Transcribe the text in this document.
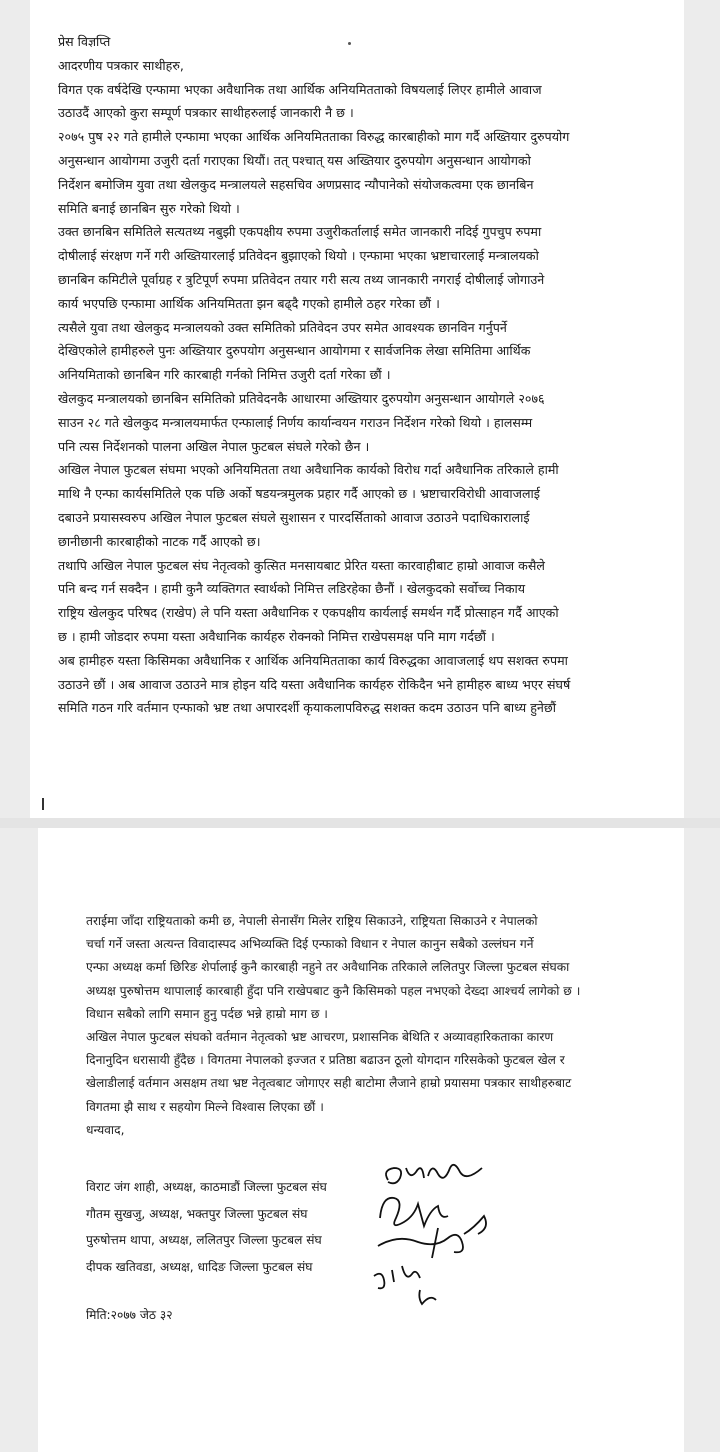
प्रेस विज्ञप्ति
आदरणीय पत्रकार साथीहरु,
विगत एक वर्षदेखि एन्फामा भएका अवैधानिक तथा आर्थिक अनियमितताको विषयलाई लिएर हामीले आवाज
उठाउदैं आएको कुरा सम्पूर्ण पत्रकार साथीहरुलाई जानकारी नै छ ।
२०७५ पुष २२ गते हामीले एन्फामा भएका आर्थिक अनियमितताका विरुद्ध कारबाहीको माग गर्दै अख्तियार दुरुपयोग
अनुसन्धान आयोगमा उजुरी दर्ता गराएका थियौं। तत् पश्चात् यस अख्तियार दुरुपयोग अनुसन्धान आयोगको
निर्देशन बमोजिम युवा तथा खेलकुद मन्त्रालयले सहसचिव अणप्रसाद न्यौपानेको संयोजकत्वमा एक छानबिन
समिति बनाई छानबिन सुरु गरेको थियो ।
उक्त छानबिन समितिले सत्यतथ्य नबुझी एकपक्षीय रुपमा उजुरीकर्तालाई समेत जानकारी नदिई गुपचुप रुपमा
दोषीलाई संरक्षण गर्ने गरी अख्तियारलाई प्रतिवेदन बुझाएको थियो । एन्फामा भएका भ्रष्टाचारलाई मन्त्रालयको
छानबिन कमिटीले पूर्वाग्रह र त्रुटिपूर्ण रुपमा प्रतिवेदन तयार गरी सत्य तथ्य जानकारी नगराई दोषीलाई जोगाउने
कार्य भएपछि एन्फामा आर्थिक अनियमितता झन बढ्दै गएको हामीले ठहर गरेका छौं ।
त्यसैले युवा तथा खेलकुद मन्त्रालयको उक्त समितिको प्रतिवेदन उपर समेत आवश्यक छानविन गर्नुपर्ने
देखिएकोले हामीहरुले पुनः अख्तियार दुरुपयोग अनुसन्धान आयोगमा र सार्वजनिक लेखा समितिमा आर्थिक
अनियमिताको छानबिन गरि कारबाही गर्नको निमित्त उजुरी दर्ता गरेका छौं ।
खेलकुद मन्त्रालयको छानबिन समितिको प्रतिवेदनकै आधारमा अख्तियार दुरुपयोग अनुसन्धान आयोगले २०७६
साउन २८ गते खेलकुद मन्त्रालयमार्फत एन्फालाई निर्णय कार्यान्वयन गराउन निर्देशन गरेको थियो । हालसम्म
पनि त्यस निर्देशनको पालना अखिल नेपाल फुटबल संघले गरेको छैन ।
अखिल नेपाल फुटबल संघमा भएको अनियमितता तथा अवैधानिक कार्यको विरोध गर्दा अवैधानिक तरिकाले हामी
माथि नै एन्फा कार्यसमितिले एक पछि अर्को षडयन्त्रमुलक प्रहार गर्दै आएको छ । भ्रष्टाचारविरोधी आवाजलाई
दबाउने प्रयासस्वरुप अखिल नेपाल फुटबल संघले सुशासन र पारदर्सिताको आवाज उठाउने पदाधिकारालाई
छानीछानी कारबाहीको नाटक गर्दै आएको छ।
तथापि अखिल नेपाल फुटबल संघ नेतृत्वको कुत्सित मनसायबाट प्रेरित यस्ता कारवाहीबाट हाम्रो आवाज कसैले
पनि बन्द गर्न सक्दैन । हामी कुनै व्यक्तिगत स्वार्थको निमित्त लडिरहेका छैनौं । खेलकुदको सर्वोच्च निकाय
राष्ट्रिय खेलकुद परिषद (राखेप) ले पनि यस्ता अवैधानिक र एकपक्षीय कार्यलाई समर्थन गर्दै प्रोत्साहन गर्दै आएको
छ । हामी जोडदार रुपमा यस्ता अवैधानिक कार्यहरु रोक्नको निमित्त राखेपसमक्ष पनि माग गर्दछौं ।
अब हामीहरु यस्ता किसिमका अवैधानिक र आर्थिक अनियमितताका कार्य विरुद्धका आवाजलाई थप सशक्त रुपमा
उठाउने छौं । अब आवाज उठाउने मात्र होइन यदि यस्ता अवैधानिक कार्यहरु रोकिदैन भने हामीहरु बाध्य भएर संघर्ष
समिति गठन गरि वर्तमान एन्फाको भ्रष्ट तथा अपारदर्शी कृयाकलापविरुद्ध सशक्त कदम उठाउन पनि बाध्य हुनेछौं
तराईमा जाँदा राष्ट्रियताको कमी छ, नेपाली सेनासँग मिलेर राष्ट्रिय सिकाउने, राष्ट्रियता सिकाउने र नेपालको
चर्चा गर्ने जस्ता अत्यन्त विवादास्पद अभिव्यक्ति दिई एन्फाको विधान र नेपाल कानुन सबैको उल्लंघन गर्ने
एन्फा अध्यक्ष कर्मा छिरिङ शेर्पालाई कुनै कारबाही नहुने तर अवैधानिक तरिकाले ललितपुर जिल्ला फुटबल संघका
अध्यक्ष पुरुषोत्तम थापालाई कारबाही हुँदा पनि राखेपबाट कुनै किसिमको पहल नभएको देख्दा आश्चर्य लागेको छ ।
विधान सबैको लागि समान हुनु पर्दछ भन्ने हाम्रो माग छ ।
अखिल नेपाल फुटबल संघको वर्तमान नेतृत्वको भ्रष्ट आचरण, प्रशासनिक बेथिति र अव्यावहारिकताका कारण
दिनानुदिन धरासायी हुँदैछ । विगतमा नेपालको इज्जत र प्रतिष्ठा बढाउन ठूलो योगदान गरिसकेको फुटबल खेल र
खेलाडीलाई वर्तमान असक्षम तथा भ्रष्ट नेतृत्वबाट जोगाएर सही बाटोमा लैजाने हाम्रो प्रयासमा पत्रकार साथीहरुबाट
विगतमा झै साथ र सहयोग मिल्ने विश्वास लिएका छौं ।
धन्यवाद,
विराट जंग शाही, अध्यक्ष, काठमाडौं जिल्ला फुटबल संघ
गौतम सुखजु, अध्यक्ष, भक्तपुर जिल्ला फुटबल संघ
पुरुषोत्तम थापा, अध्यक्ष, ललितपुर जिल्ला फुटबल संघ
दीपक खतिवडा, अध्यक्ष, धादिङ जिल्ला फुटबल संघ
मिति:२०७७ जेठ ३२
